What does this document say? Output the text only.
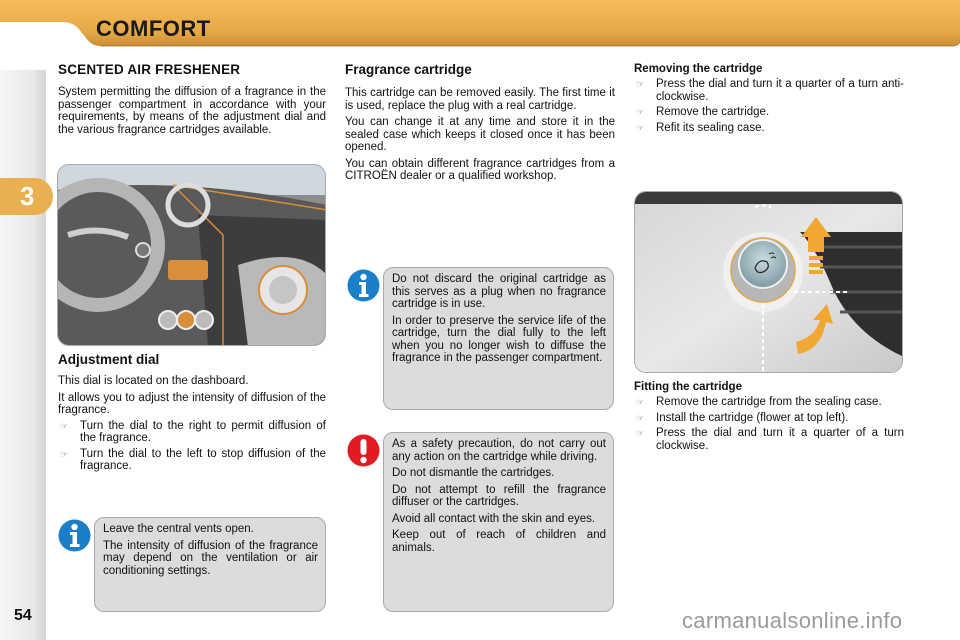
COMFORT
3
54
SCENTED AIR FRESHENER

System permitting the diffusion of a fragrance in the passenger compartment in accordance with your requirements, by means of the adjustment dial and the various fragrance cartridges available.

Adjustment dial

This dial is located on the dashboard.

It allows you to adjust the intensity of diffusion of the fragrance.

☞	Turn the dial to the right to permit diffusion of the fragrance.
☞	Turn the dial to the left to stop diffusion of the fragrance.

Leave the central vents open.

The intensity of diffusion of the fragrance may depend on the ventilation or air conditioning settings.

Fragrance cartridge

This cartridge can be removed easily. The first time it is used, replace the plug with a real cartridge.

You can change it at any time and store it in the sealed case which keeps it closed once it has been opened.

You can obtain different fragrance cartridges from a CITROËN dealer or a qualified workshop.

Do not discard the original cartridge as this serves as a plug when no fragrance cartridge is in use.

In order to preserve the service life of the cartridge, turn the dial fully to the left when you no longer wish to diffuse the fragrance in the passenger compartment.

As a safety precaution, do not carry out any action on the cartridge while driving.

Do not dismantle the cartridges.

Do not attempt to refill the fragrance diffuser or the cartridges.

Avoid all contact with the skin and eyes.

Keep out of reach of children and animals.

Removing the cartridge
☞	Press the dial and turn it a quarter of a turn anti-clockwise.
☞	Remove the cartridge.
☞	Refit its sealing case.
Fitting the cartridge
☞	Remove the cartridge from the sealing case.
☞	Install the cartridge (flower at top left).
☞	Press the dial and turn it a quarter of a turn clockwise.
carmanualsonline.info
